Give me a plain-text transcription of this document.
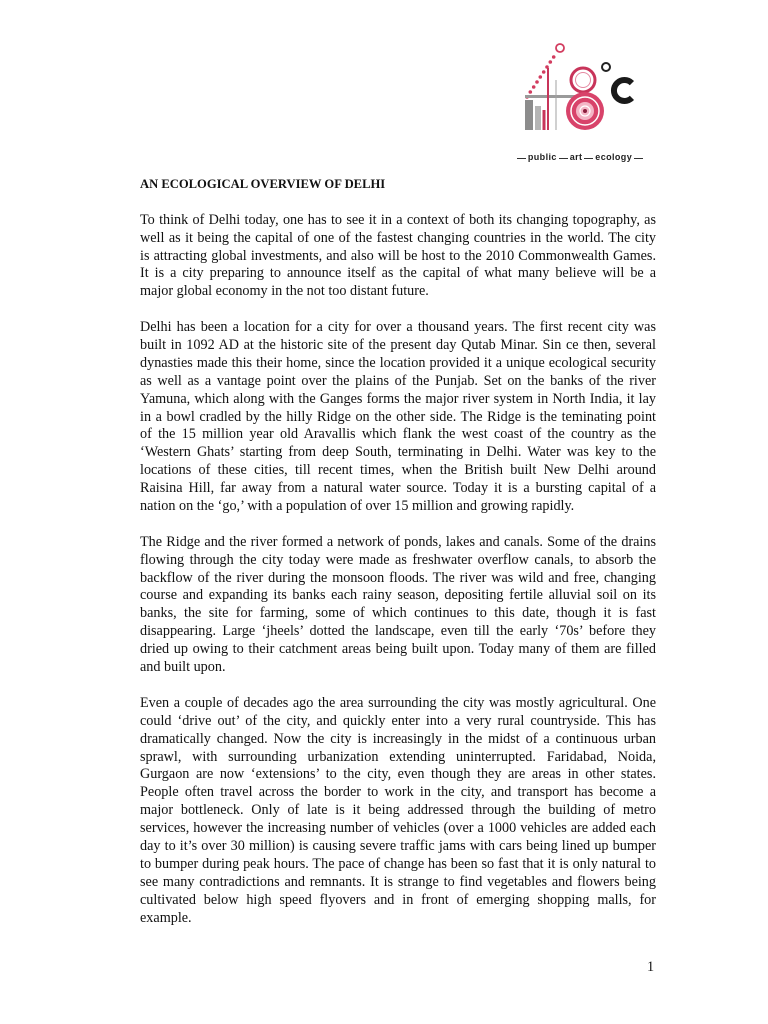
public art ecology
AN ECOLOGICAL OVERVIEW OF DELHI
To think of Delhi today, one has to see it in a context of both its changing topography, as
well as it being the capital of one of the fastest changing countries in the world. The city
is attracting global investments, and also will be host to the 2010 Commonwealth Games.
It is a city preparing to announce itself as the capital of what many believe will be a
major global economy in the not too distant future.
Delhi has been a location for a city for over a thousand years. The first recent city was
built in 1092 AD at the historic site of the present day Qutab Minar. Sin ce then, several
dynasties made this their home, since the location provided it a unique ecological security
as well as a vantage point over the plains of the Punjab. Set on the banks of the river
Yamuna, which along with the Ganges forms the major river system in North India, it lay
in a bowl cradled by the hilly Ridge on the other side. The Ridge is the teminating point
of the 15 million year old Aravallis which flank the west coast of the country as the
‘Western Ghats’ starting from deep South, terminating in Delhi. Water was key to the
locations of these cities, till recent times, when the British built New Delhi around
Raisina Hill, far away from a natural water source. Today it is a bursting capital of a
nation on the ‘go,’ with a population of over 15 million and growing rapidly.
The Ridge and the river formed a network of ponds, lakes and canals. Some of the drains
flowing through the city today were made as freshwater overflow canals, to absorb the
backflow of the river during the monsoon floods. The river was wild and free, changing
course and expanding its banks each rainy season, depositing fertile alluvial soil on its
banks, the site for farming, some of which continues to this date, though it is fast
disappearing. Large ‘jheels’ dotted the landscape, even till the early ‘70s’ before they
dried up owing to their catchment areas being built upon. Today many of them are filled
and built upon.
Even a couple of decades ago the area surrounding the city was mostly agricultural. One
could ‘drive out’ of the city, and quickly enter into a very rural countryside. This has
dramatically changed. Now the city is increasingly in the midst of a continuous urban
sprawl, with surrounding urbanization extending uninterrupted. Faridabad, Noida,
Gurgaon are now ‘extensions’ to the city, even though they are areas in other states.
People often travel across the border to work in the city, and transport has become a
major bottleneck. Only of late is it being addressed through the building of metro
services, however the increasing number of vehicles (over a 1000 vehicles are added each
day to it’s over 30 million) is causing severe traffic jams with cars being lined up bumper
to bumper during peak hours. The pace of change has been so fast that it is only natural to
see many contradictions and remnants. It is strange to find vegetables and flowers being
cultivated below high speed flyovers and in front of emerging shopping malls, for
example.
1
